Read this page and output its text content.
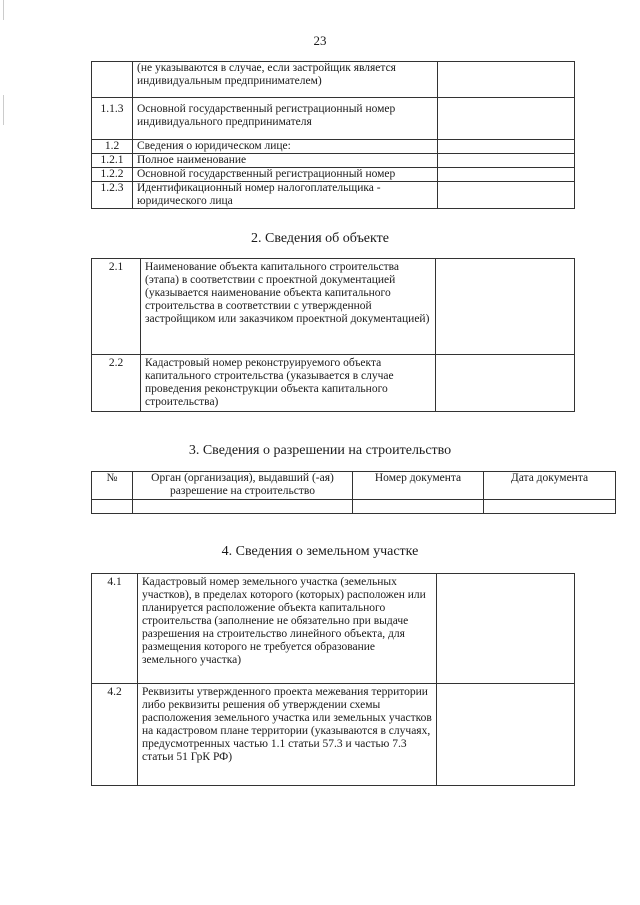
23
	(не указываются в случае, если застройщик является индивидуальным предпринимателем)	
1.1.3	Основной государственный регистрационный номер индивидуального предпринимателя	
1.2	Сведения о юридическом лице:	
1.2.1	Полное наименование	
1.2.2	Основной государственный регистрационный номер	
1.2.3	Идентификационный номер налогоплательщика - юридического лица	
2. Сведения об объекте
2.1	Наименование объекта капитального строительства (этапа) в соответствии с проектной документацией (указывается наименование объекта капитального строительства в соответствии с утвержденной застройщиком или заказчиком проектной документацией)	
2.2	Кадастровый номер реконструируемого объекта капитального строительства (указывается в случае проведения реконструкции объекта капитального строительства)	
3. Сведения о разрешении на строительство
№	Орган (организация), выдавший (-ая) разрешение на строительство	Номер документа	Дата документа

4. Сведения о земельном участке
4.1	Кадастровый номер земельного участка (земельных участков), в пределах которого (которых) расположен или планируется расположение объекта капитального строительства (заполнение не обязательно при выдаче разрешения на строительство линейного объекта, для размещения которого не требуется образование земельного участка)	
4.2	Реквизиты утвержденного проекта межевания территории либо реквизиты решения об утверждении схемы расположения земельного участка или земельных участков на кадастровом плане территории (указываются в случаях, предусмотренных частью 1.1 статьи 57.3 и частью 7.3 статьи 51 ГрК РФ)	
